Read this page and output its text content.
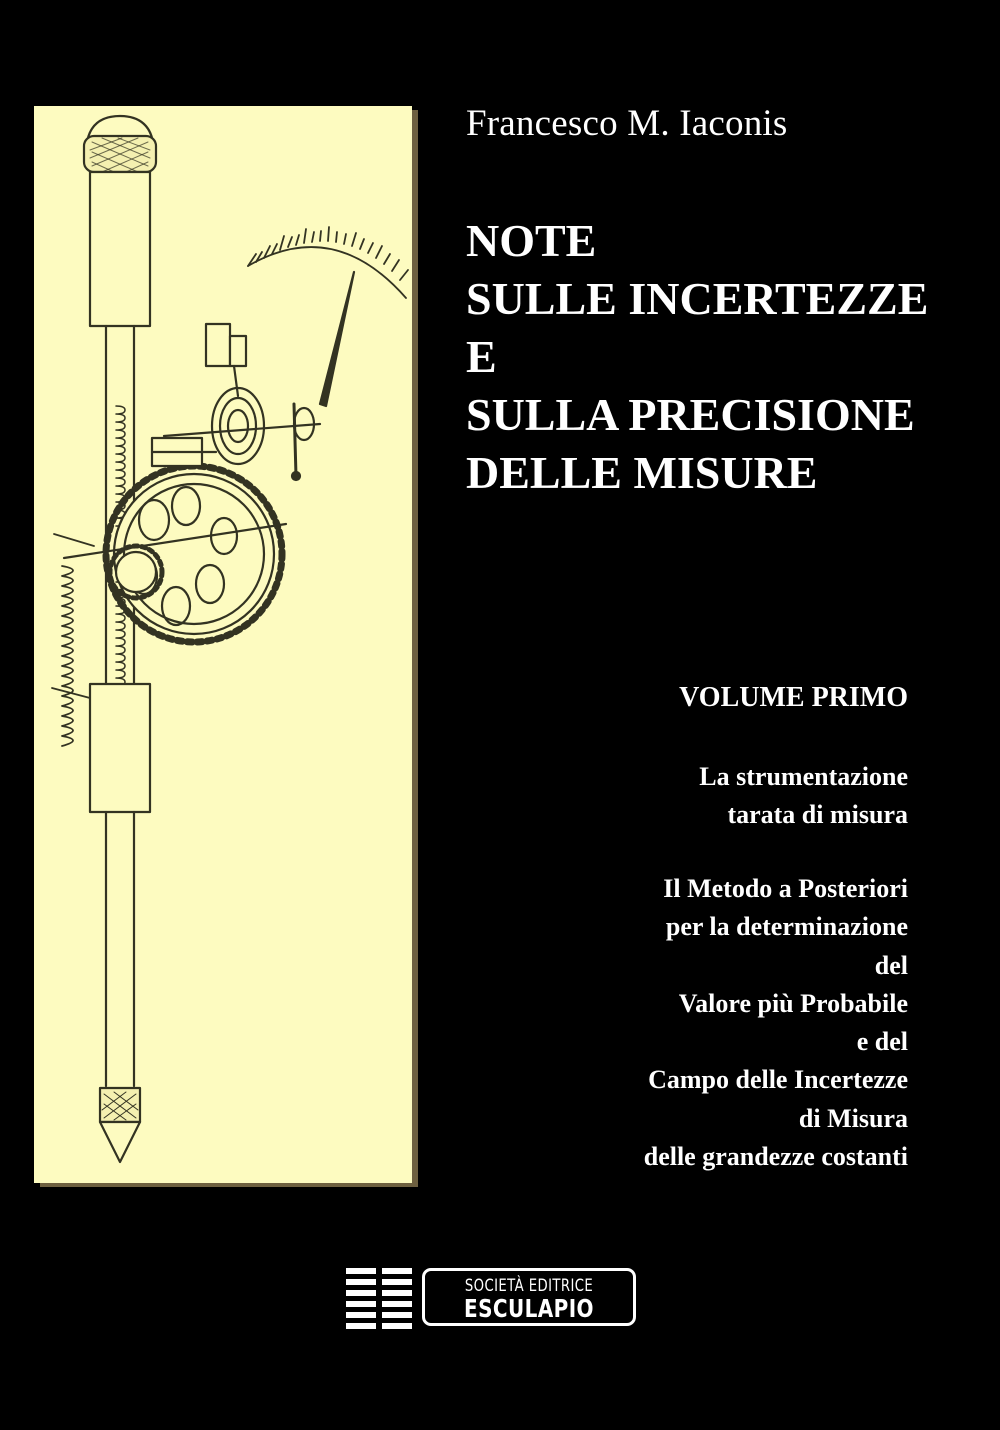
Francesco M. Iaconis
NOTE
SULLE INCERTEZZE
E
SULLA PRECISIONE
DELLE MISURE
VOLUME PRIMO
La strumentazione
tarata di misura
Il Metodo a Posteriori
per la determinazione
del
Valore più Probabile
e del
Campo delle Incertezze
di Misura
delle grandezze costanti
SOCIETÀ EDITRICE
ESCULAPIO
